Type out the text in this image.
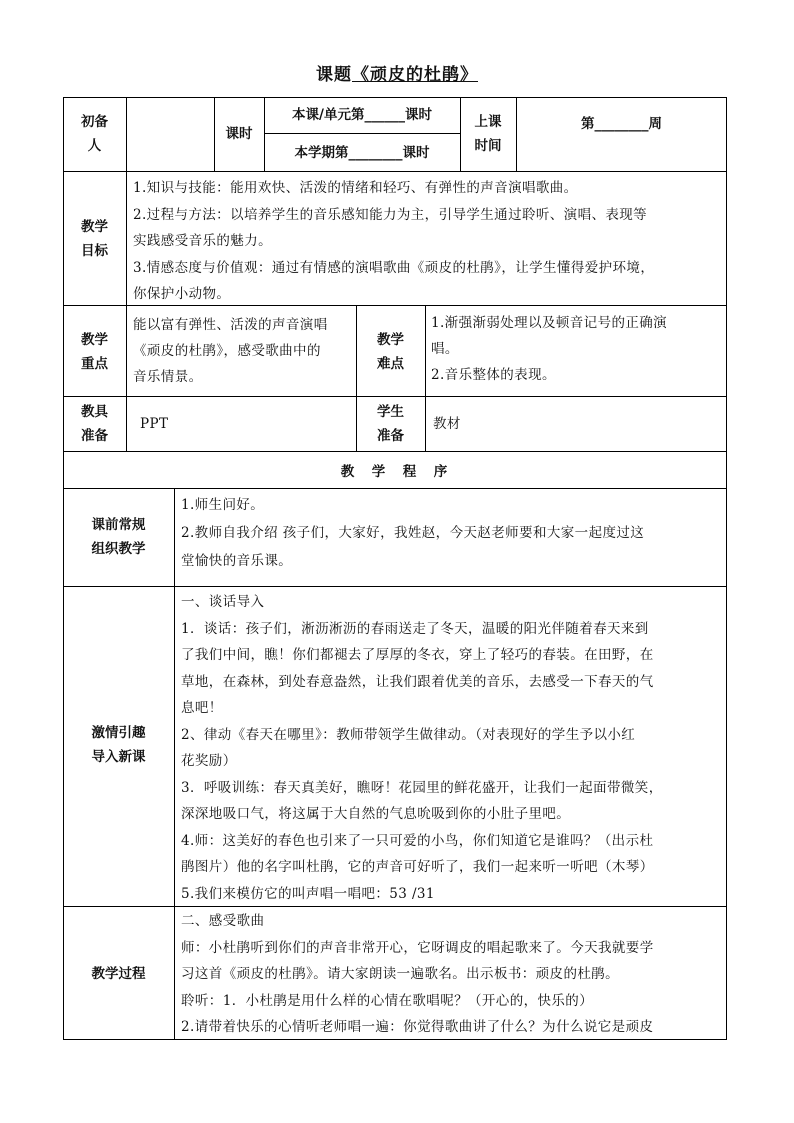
课题《顽皮的杜鹃》
初备
人
课时
本课/单元第______课时
本学期第________课时
上课
时间
第________周
教学
目标
1.知识与技能：能用欢快、活泼的情绪和轻巧、有弹性的声音演唱歌曲。
2.过程与方法：以培养学生的音乐感知能力为主，引导学生通过聆听、演唱、表现等
实践感受音乐的魅力。
3.情感态度与价值观：通过有情感的演唱歌曲《顽皮的杜鹃》，让学生懂得爱护环境，
你保护小动物。
教学
重点
能以富有弹性、活泼的声音演唱
《顽皮的杜鹃》，感受歌曲中的
音乐情景。
教学
难点
1.渐强渐弱处理以及顿音记号的正确演
唱。
2.音乐整体的表现。
教具
准备
PPT
学生
准备
教材
教　学　程　序
课前常规
组织教学
1.师生问好。
2.教师自我介绍 孩子们，大家好，我姓赵，今天赵老师要和大家一起度过这
堂愉快的音乐课。
激情引趣
导入新课
一、谈话导入
1．谈话：孩子们，淅沥淅沥的春雨送走了冬天，温暖的阳光伴随着春天来到
了我们中间，瞧！你们都褪去了厚厚的冬衣，穿上了轻巧的春装。在田野，在
草地，在森林，到处春意盎然，让我们跟着优美的音乐，去感受一下春天的气
息吧！
2、律动《春天在哪里》：教师带领学生做律动。（对表现好的学生予以小红
花奖励）
3．呼吸训练：春天真美好，瞧呀！花园里的鲜花盛开，让我们一起面带微笑，
深深地吸口气，将这属于大自然的气息吮吸到你的小肚子里吧。
4.师：这美好的春色也引来了一只可爱的小鸟，你们知道它是谁吗？（出示杜
鹃图片）他的名字叫杜鹃，它的声音可好听了，我们一起来听一听吧（木琴）
5.我们来模仿它的叫声唱一唱吧：53 /31
教学过程
二、感受歌曲
师：小杜鹃听到你们的声音非常开心，它呀调皮的唱起歌来了。今天我就要学
习这首《顽皮的杜鹃》。请大家朗读一遍歌名。出示板书：顽皮的杜鹃。
聆听：1．小杜鹃是用什么样的心情在歌唱呢？（开心的，快乐的）
2.请带着快乐的心情听老师唱一遍：你觉得歌曲讲了什么？为什么说它是顽皮
